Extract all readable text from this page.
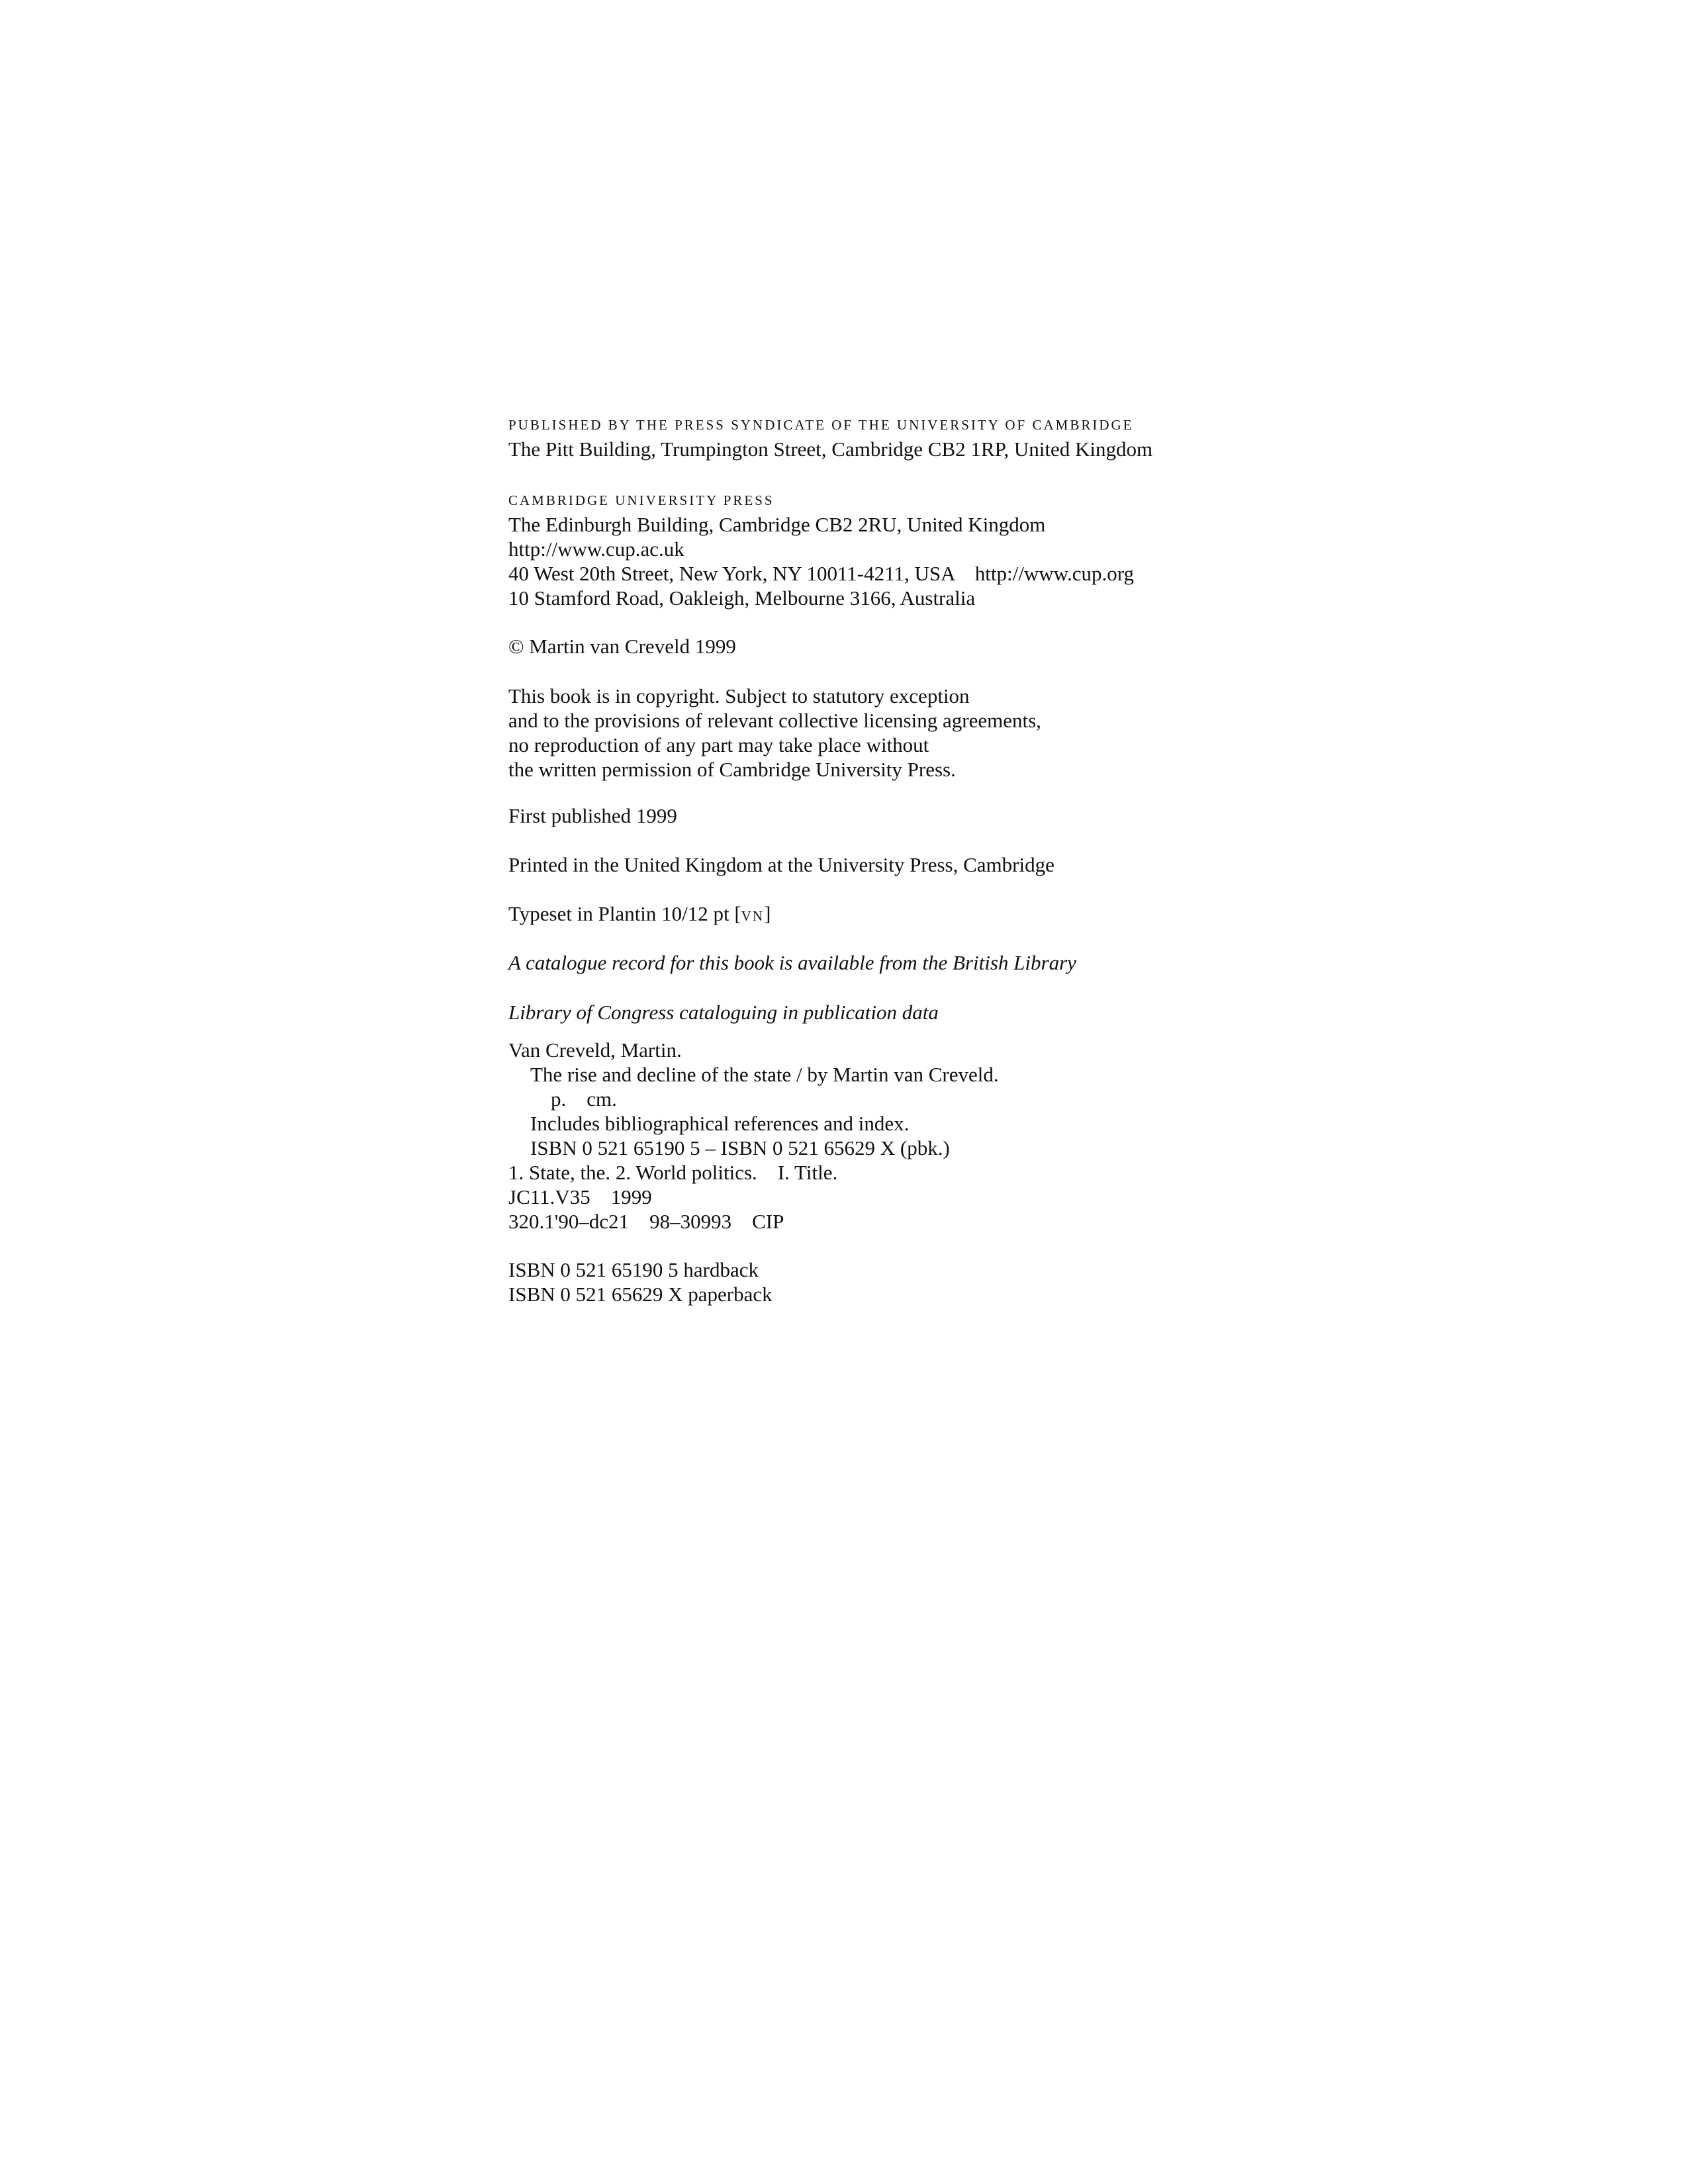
PUBLISHED BY THE PRESS SYNDICATE OF THE UNIVERSITY OF CAMBRIDGE
The Pitt Building, Trumpington Street, Cambridge CB2 1RP, United Kingdom
CAMBRIDGE UNIVERSITY PRESS
The Edinburgh Building, Cambridge CB2 2RU, United Kingdom
http://www.cup.ac.uk
40 West 20th Street, New York, NY 10011-4211, USA    http://www.cup.org
10 Stamford Road, Oakleigh, Melbourne 3166, Australia
© Martin van Creveld 1999
This book is in copyright. Subject to statutory exception
and to the provisions of relevant collective licensing agreements,
no reproduction of any part may take place without
the written permission of Cambridge University Press.
First published 1999
Printed in the United Kingdom at the University Press, Cambridge
Typeset in Plantin 10/12 pt [VN]
A catalogue record for this book is available from the British Library
Library of Congress cataloguing in publication data
Van Creveld, Martin.
The rise and decline of the state / by Martin van Creveld.
p.    cm.
Includes bibliographical references and index.
ISBN 0 521 65190 5 – ISBN 0 521 65629 X (pbk.)
1. State, the. 2. World politics.    I. Title.
JC11.V35    1999
320.1'90–dc21    98–30993    CIP
ISBN 0 521 65190 5 hardback
ISBN 0 521 65629 X paperback
